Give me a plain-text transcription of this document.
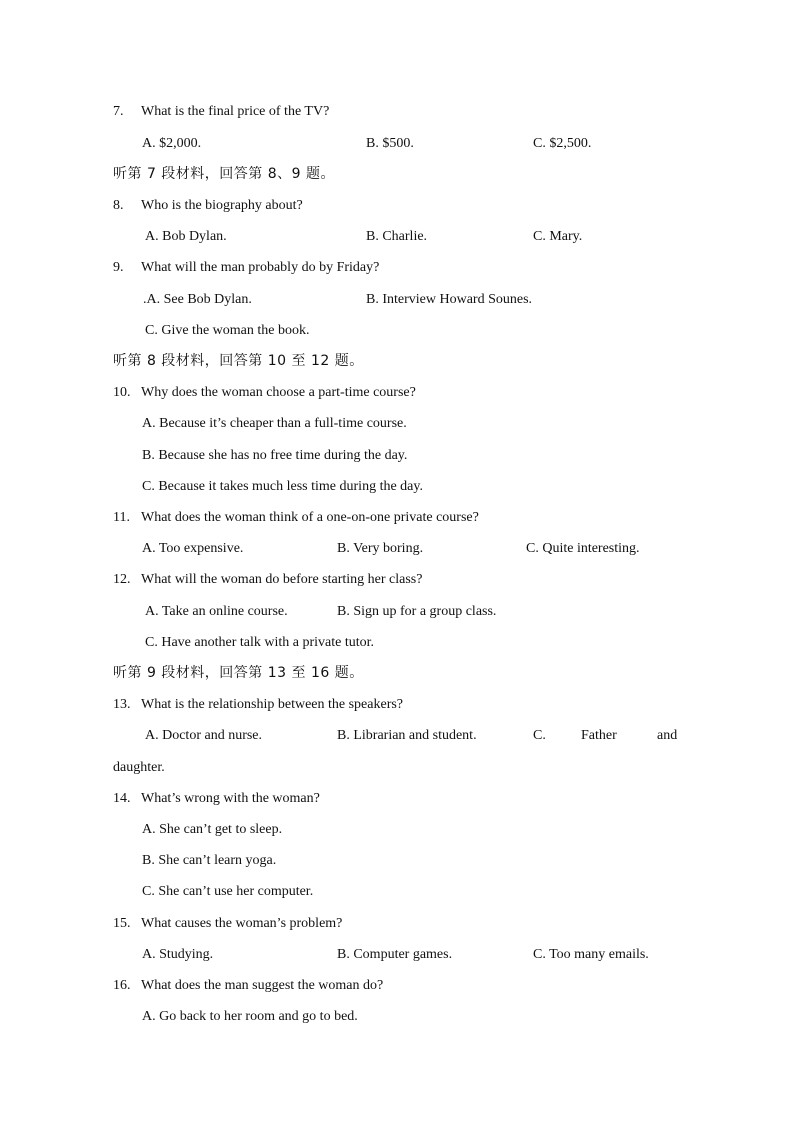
7. What is the final price of the TV?
A. $2,000.	B. $500.	C. $2,500.
听第 7 段材料，回答第 8、9 题。
8. Who is the biography about?
A. Bob Dylan.	B. Charlie.	C. Mary.
9. What will the man probably do by Friday?
.A. See Bob Dylan.	B. Interview Howard Sounes.
C. Give the woman the book.
听第 8 段材料，回答第 10 至 12 题。
10. Why does the woman choose a part-time course?
A. Because it’s cheaper than a full-time course.
B. Because she has no free time during the day.
C. Because it takes much less time during the day.
11. What does the woman think of a one-on-one private course?
A. Too expensive.	B. Very boring.	C. Quite interesting.
12. What will the woman do before starting her class?
A. Take an online course.	B. Sign up for a group class.
C. Have another talk with a private tutor.
听第 9 段材料，回答第 13 至 16 题。
13. What is the relationship between the speakers?
A. Doctor and nurse.	B. Librarian and student.	C.	Father	and
daughter.
14. What’s wrong with the woman?
A. She can’t get to sleep.
B. She can’t learn yoga.
C. She can’t use her computer.
15. What causes the woman’s problem?
A. Studying.	B. Computer games.	C. Too many emails.
16. What does the man suggest the woman do?
A. Go back to her room and go to bed.
